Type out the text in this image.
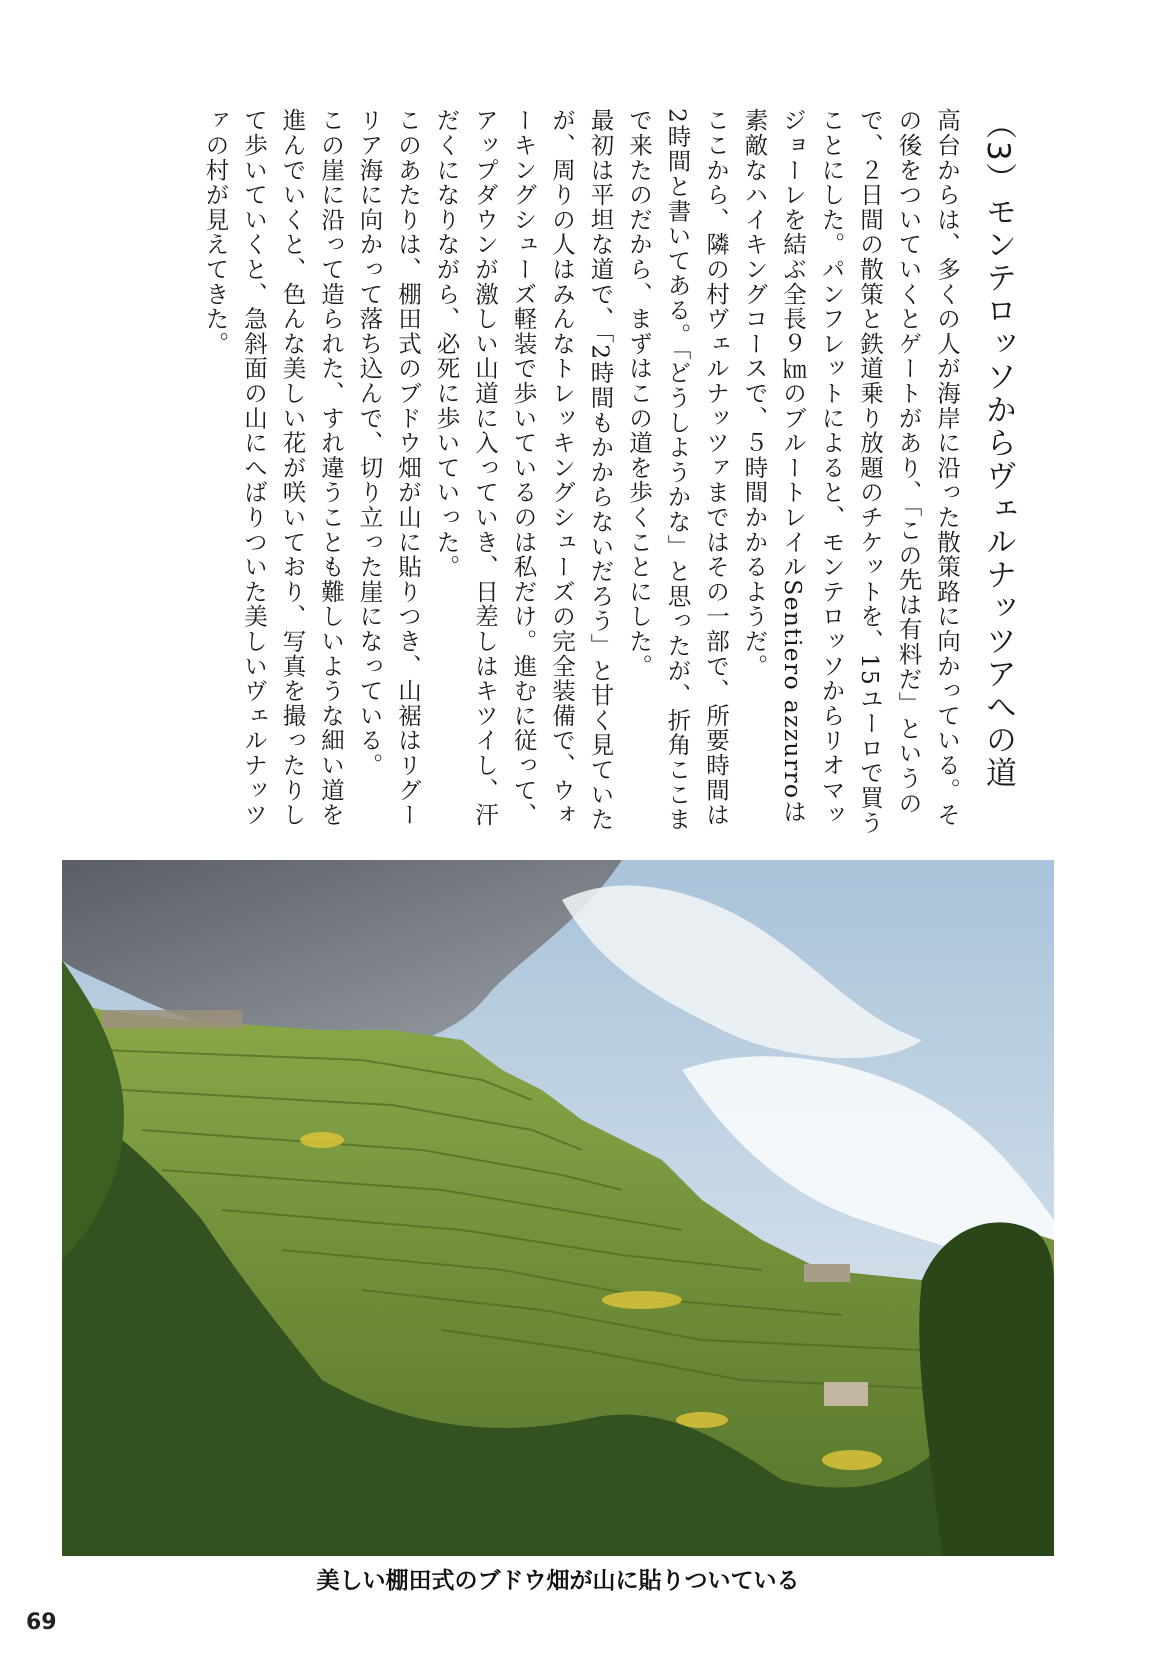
（3）モンテロッソからヴェルナッツアへの道

高台からは、多くの人が海岸に沿った散策路に向かっている。その後をついていくとゲートがあり、「この先は有料だ」というので、２日間の散策と鉄道乗り放題のチケットを、15ユーロで買うことにした。パンフレットによると、モンテロッソからリオマッジョーレを結ぶ全長９㎞のブルートレイルSentiero azzurroは素敵なハイキングコースで、５時間かかるようだ。

ここから、隣の村ヴェルナッツァまではその一部で、所要時間は2時間と書いてある。「どうしようかな」と思ったが、折角ここまで来たのだから、まずはこの道を歩くことにした。

最初は平坦な道で、「2時間もかからないだろう」と甘く見ていたが、周りの人はみんなトレッキングシューズの完全装備で、ウォーキングシューズ軽装で歩いているのは私だけ。進むに従って、アップダウンが激しい山道に入っていき、日差しはキツイし、汗だくになりながら、必死に歩いていった。

このあたりは、棚田式のブドウ畑が山に貼りつき、山裾はリグーリア海に向かって落ち込んで、切り立った崖になっている。

この崖に沿って造られた、すれ違うことも難しいような細い道を進んでいくと、色んな美しい花が咲いており、写真を撮ったりして歩いていくと、急斜面の山にへばりついた美しいヴェルナッツァの村が見えてきた。

美しい棚田式のブドウ畑が山に貼りついている
69
